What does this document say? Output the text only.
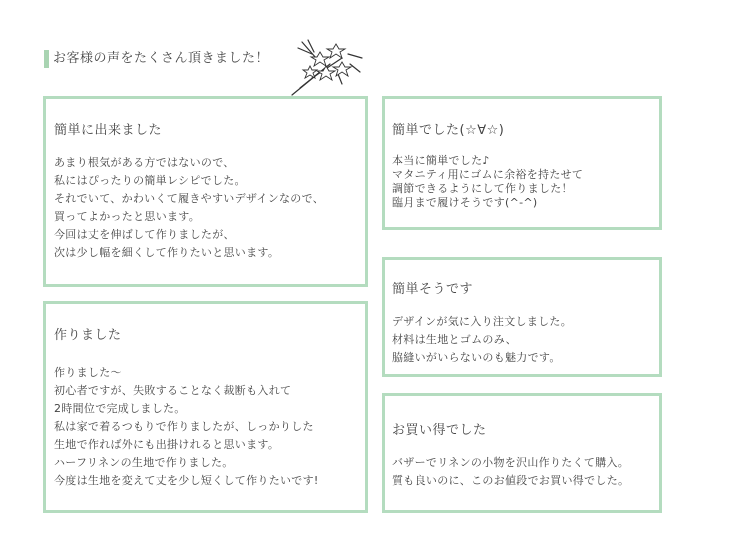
お客様の声をたくさん頂きました！
簡単に出来ました
あまり根気がある方ではないので、
私にはぴったりの簡単レシピでした。
それでいて、かわいくて履きやすいデザインなので、
買ってよかったと思います。
今回は丈を伸ばして作りましたが、
次は少し幅を細くして作りたいと思います。
作りました
作りました～
初心者ですが、失敗することなく裁断も入れて
2時間位で完成しました。
私は家で着るつもりで作りましたが、しっかりした
生地で作れば外にも出掛けれると思います。
ハーフリネンの生地で作りました。
今度は生地を変えて丈を少し短くして作りたいです!
簡単でした(☆∀☆)
本当に簡単でした♪
マタニティ用にゴムに余裕を持たせて
調節できるようにして作りました！
臨月まで履けそうです(^-^)
簡単そうです
デザインが気に入り注文しました。
材料は生地とゴムのみ、
脇縫いがいらないのも魅力です。
お買い得でした
バザーでリネンの小物を沢山作りたくて購入。
質も良いのに、このお値段でお買い得でした。
